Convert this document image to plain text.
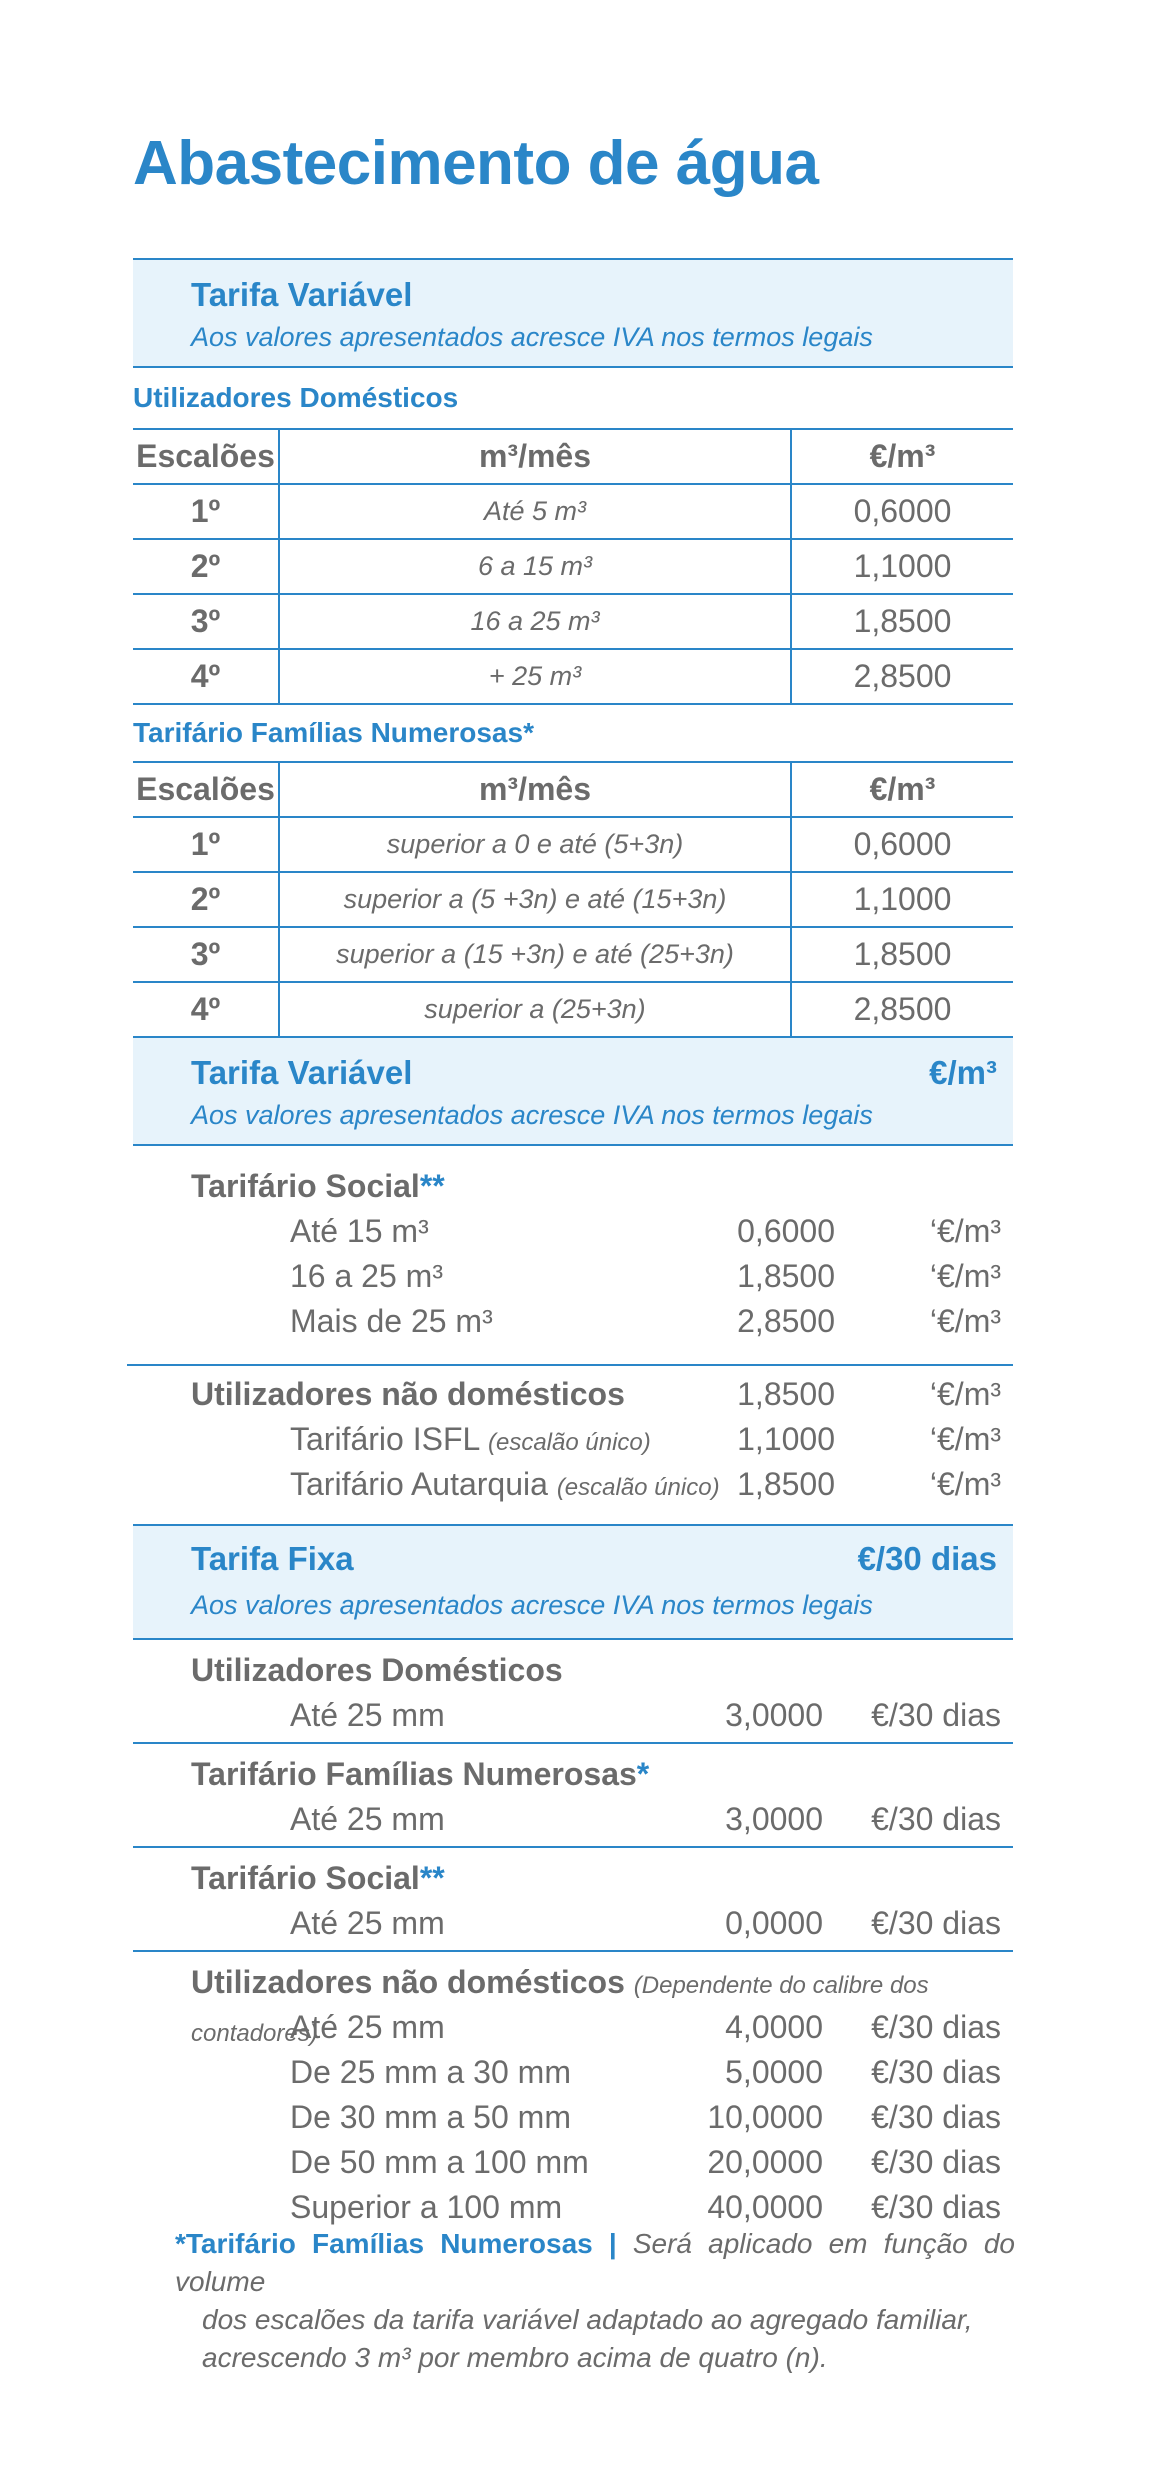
Abastecimento de água
Tarifa Variável
Aos valores apresentados acresce IVA nos termos legais
Utilizadores Domésticos
Escalões	m³/mês	€/m³
1º	Até 5 m³	0,6000
2º	6 a 15 m³	1,1000
3º	16 a 25 m³	1,8500
4º	+ 25 m³	2,8500
Tarifário Famílias Numerosas*
Escalões	m³/mês	€/m³
1º	superior a 0 e até (5+3n)	0,6000
2º	superior a (5 +3n) e até (15+3n)	1,1000
3º	superior a (15 +3n) e até (25+3n)	1,8500
4º	superior a (25+3n)	2,8500
Tarifa Variável	€/m³
Aos valores apresentados acresce IVA nos termos legais
Tarifário Social**
Até 15 m³	0,6000	‘€/m³
16 a 25 m³	1,8500	‘€/m³
Mais de 25 m³	2,8500	‘€/m³
Utilizadores não domésticos	1,8500	‘€/m³
Tarifário ISFL (escalão único)	1,1000	‘€/m³
Tarifário Autarquia (escalão único) 1,8500	‘€/m³
Tarifa Fixa	€/30 dias
Aos valores apresentados acresce IVA nos termos legais
Utilizadores Domésticos
Até 25 mm	3,0000 €/30 dias
Tarifário Famílias Numerosas*
Até 25 mm	3,0000 €/30 dias
Tarifário Social**
Até 25 mm	0,0000 €/30 dias
Utilizadores não domésticos (Dependente do calibre dos contadores)
Até 25 mm	4,0000 €/30 dias
De 25 mm a 30 mm	5,0000 €/30 dias
De 30 mm a 50 mm	10,0000 €/30 dias
De 50 mm a 100 mm	20,0000 €/30 dias
Superior a 100 mm	40,0000 €/30 dias

*Tarifário Famílias Numerosas | Será aplicado em função do volume

dos escalões da tarifa variável adaptado ao agregado familiar,

acrescendo 3 m³ por membro acima de quatro (n).
